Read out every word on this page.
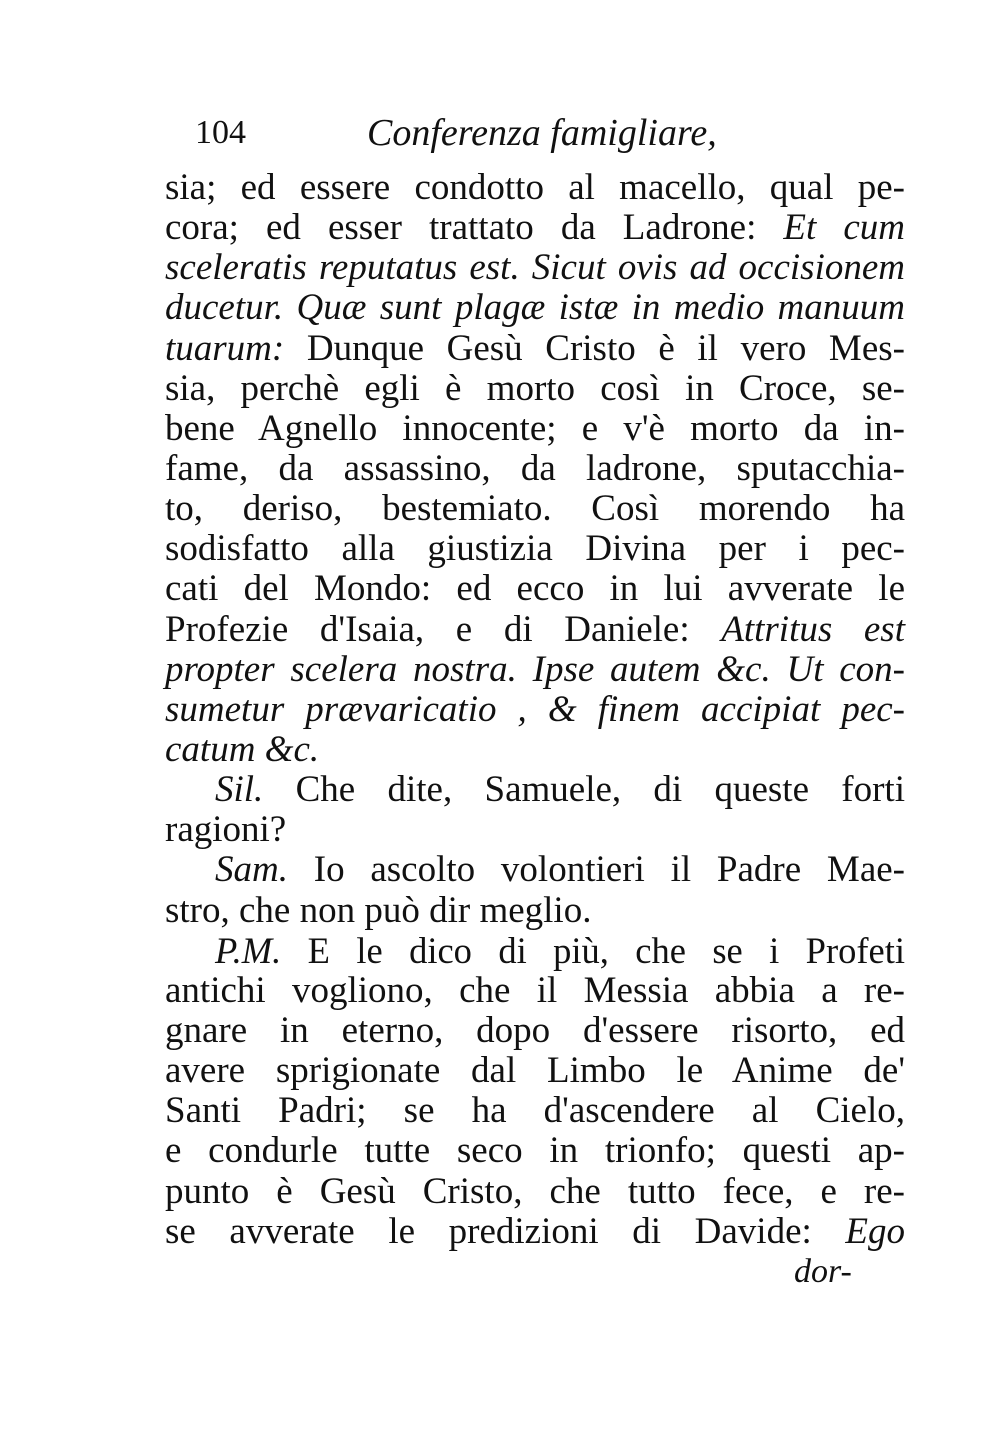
104	Conferenza famigliare,
sia; ed essere condotto al macello, qual pe-
cora; ed esser trattato da Ladrone: Et cum
sceleratis reputatus est. Sicut ovis ad occisionem
ducetur. Quæ sunt plagæ istæ in medio manuum
tuarum: Dunque Gesù Cristo è il vero Mes-
sia, perchè egli è morto così in Croce, se-
bene Agnello innocente; e v'è morto da in-
fame, da assassino, da ladrone, sputacchia-
to, deriso, bestemiato. Così morendo ha
sodisfatto alla giustizia Divina per i pec-
cati del Mondo: ed ecco in lui avverate le
Profezie d'Isaia, e di Daniele: Attritus est
propter scelera nostra. Ipse autem &c. Ut con-
sumetur prævaricatio , & finem accipiat pec-
catum &c.
Sil. Che dite, Samuele, di queste forti
ragioni?
Sam. Io ascolto volontieri il Padre Mae-
stro, che non può dir meglio.
P.M. E le dico di più, che se i Profeti
antichi vogliono, che il Messia abbia a re-
gnare in eterno, dopo d'essere risorto, ed
avere sprigionate dal Limbo le Anime de'
Santi Padri; se ha d'ascendere al Cielo,
e condurle tutte seco in trionfo; questi ap-
punto è Gesù Cristo, che tutto fece, e re-
se avverate le predizioni di Davide: Ego
dor-
